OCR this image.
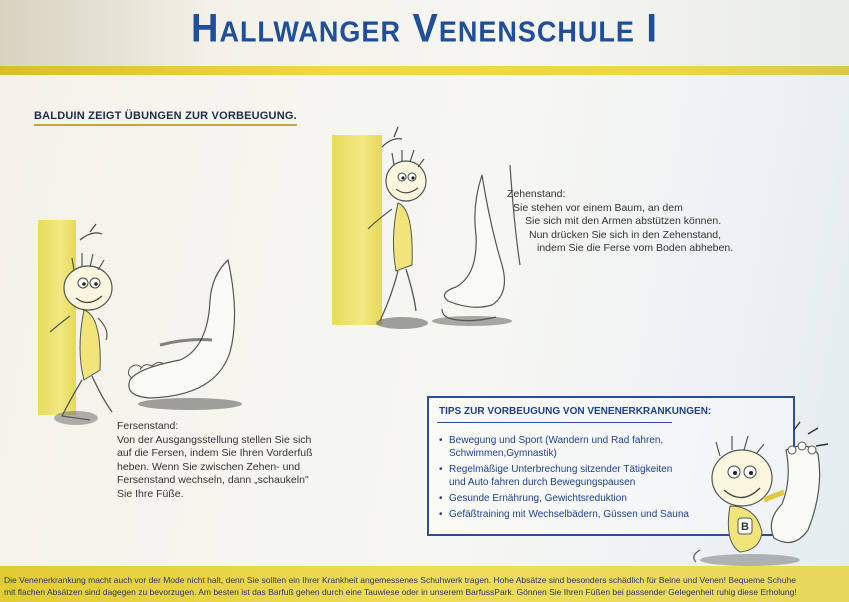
Hallwanger Venenschule I
BALDUIN ZEIGT ÜBUNGEN ZUR VORBEUGUNG.
Fersenstand:
Von der Ausgangsstellung stellen Sie sich
auf die Fersen, indem Sie Ihren Vorderfuß
heben. Wenn Sie zwischen Zehen- und
Fersenstand wechseln, dann „schaukeln"
Sie Ihre Füße.
Zehenstand:
Sie stehen vor einem Baum, an dem
Sie sich mit den Armen abstützen können.
Nun drücken Sie sich in den Zehenstand,
indem Sie die Ferse vom Boden abheben.
TIPS ZUR VORBEUGUNG VON VENENERKRANKUNGEN:
• Bewegung und Sport (Wandern und Rad fahren,
Schwimmen,Gymnastik)
• Regelmäßige Unterbrechung sitzender Tätigkeiten
und Auto fahren durch Bewegungspausen
• Gesunde Ernährung, Gewichtsreduktion
• Gefäßtraining mit Wechselbädern, Güssen und Sauna
B
Die Venenerkrankung macht auch vor der Mode nicht halt, denn Sie sollten ein Ihrer Krankheit angemessenes Schuhwerk tragen. Hohe Absätze sind besonders schädlich für Beine und Venen! Bequeme Schuhe
mit flachen Absätzen sind dagegen zu bevorzugen. Am besten ist das Barfuß gehen durch eine Tauwiese oder in unserem BarfussPark. Gönnen Sie Ihren Füßen bei passender Gelegenheit ruhig diese Erholung!
